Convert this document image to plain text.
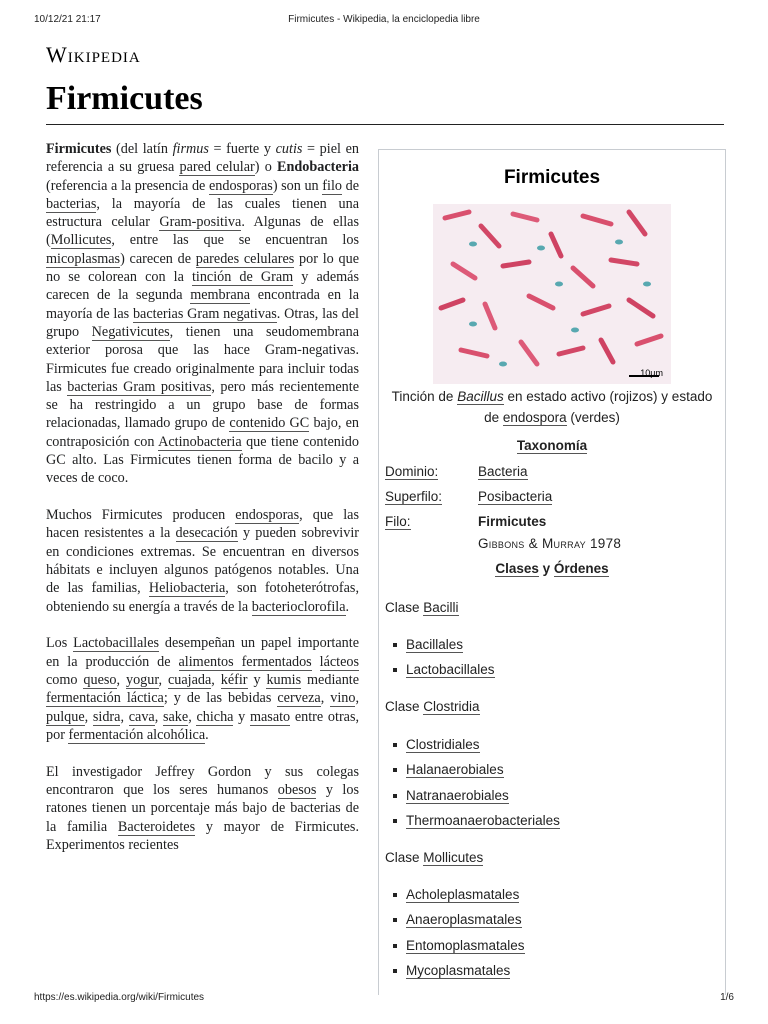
10/12/21 21:17	Firmicutes - Wikipedia, la enciclopedia libre
Wikipedia
Firmicutes

Firmicutes (del latín firmus = fuerte y cutis = piel en referencia a su gruesa pared celular) o Endobacteria (referencia a la presencia de endosporas) son un filo de bacterias, la mayoría de las cuales tienen una estructura celular Gram-positiva. Algunas de ellas (Mollicutes, entre las que se encuentran los micoplasmas) carecen de paredes celulares por lo que no se colorean con la tinción de Gram y además carecen de la segunda membrana encontrada en la mayoría de las bacterias Gram negativas. Otras, las del grupo Negativicutes, tienen una seudomembrana exterior porosa que las hace Gram-negativas. Firmicutes fue creado originalmente para incluir todas las bacterias Gram positivas, pero más recientemente se ha restringido a un grupo base de formas relacionadas, llamado grupo de contenido GC bajo, en contraposición con Actinobacteria que tiene contenido GC alto. Las Firmicutes tienen forma de bacilo y a veces de coco.

Muchos Firmicutes producen endosporas, que las hacen resistentes a la desecación y pueden sobrevivir en condiciones extremas. Se encuentran en diversos hábitats e incluyen algunos patógenos notables. Una de las familias, Heliobacteria, son fotoheterótrofas, obteniendo su energía a través de la bacterioclorofila.

Los Lactobacillales desempeñan un papel importante en la producción de alimentos fermentados lácteos como queso, yogur, cuajada, kéfir y kumis mediante fermentación láctica; y de las bebidas cerveza, vino, pulque, sidra, cava, sake, chicha y masato entre otras, por fermentación alcohólica.

El investigador Jeffrey Gordon y sus colegas encontraron que los seres humanos obesos y los ratones tienen un porcentaje más bajo de bacterias de la familia Bacteroidetes y mayor de Firmicutes. Experimentos recientes

Firmicutes
10μm
Tinción de Bacillus en estado activo (rojizos) y estado de endospora (verdes)
Taxonomía
Dominio:	Bacteria
Superfilo:	Posibacteria
Filo:	Firmicutes
Gibbons & Murray 1978
Clases y Órdenes
Clase Bacilli
Bacillales
Lactobacillales
Clase Clostridia
Clostridiales
Halanaerobiales
Natranaerobiales
Thermoanaerobacteriales
Clase Mollicutes
Acholeplasmatales
Anaeroplasmatales
Entomoplasmatales
Mycoplasmatales
https://es.wikipedia.org/wiki/Firmicutes	1/6
